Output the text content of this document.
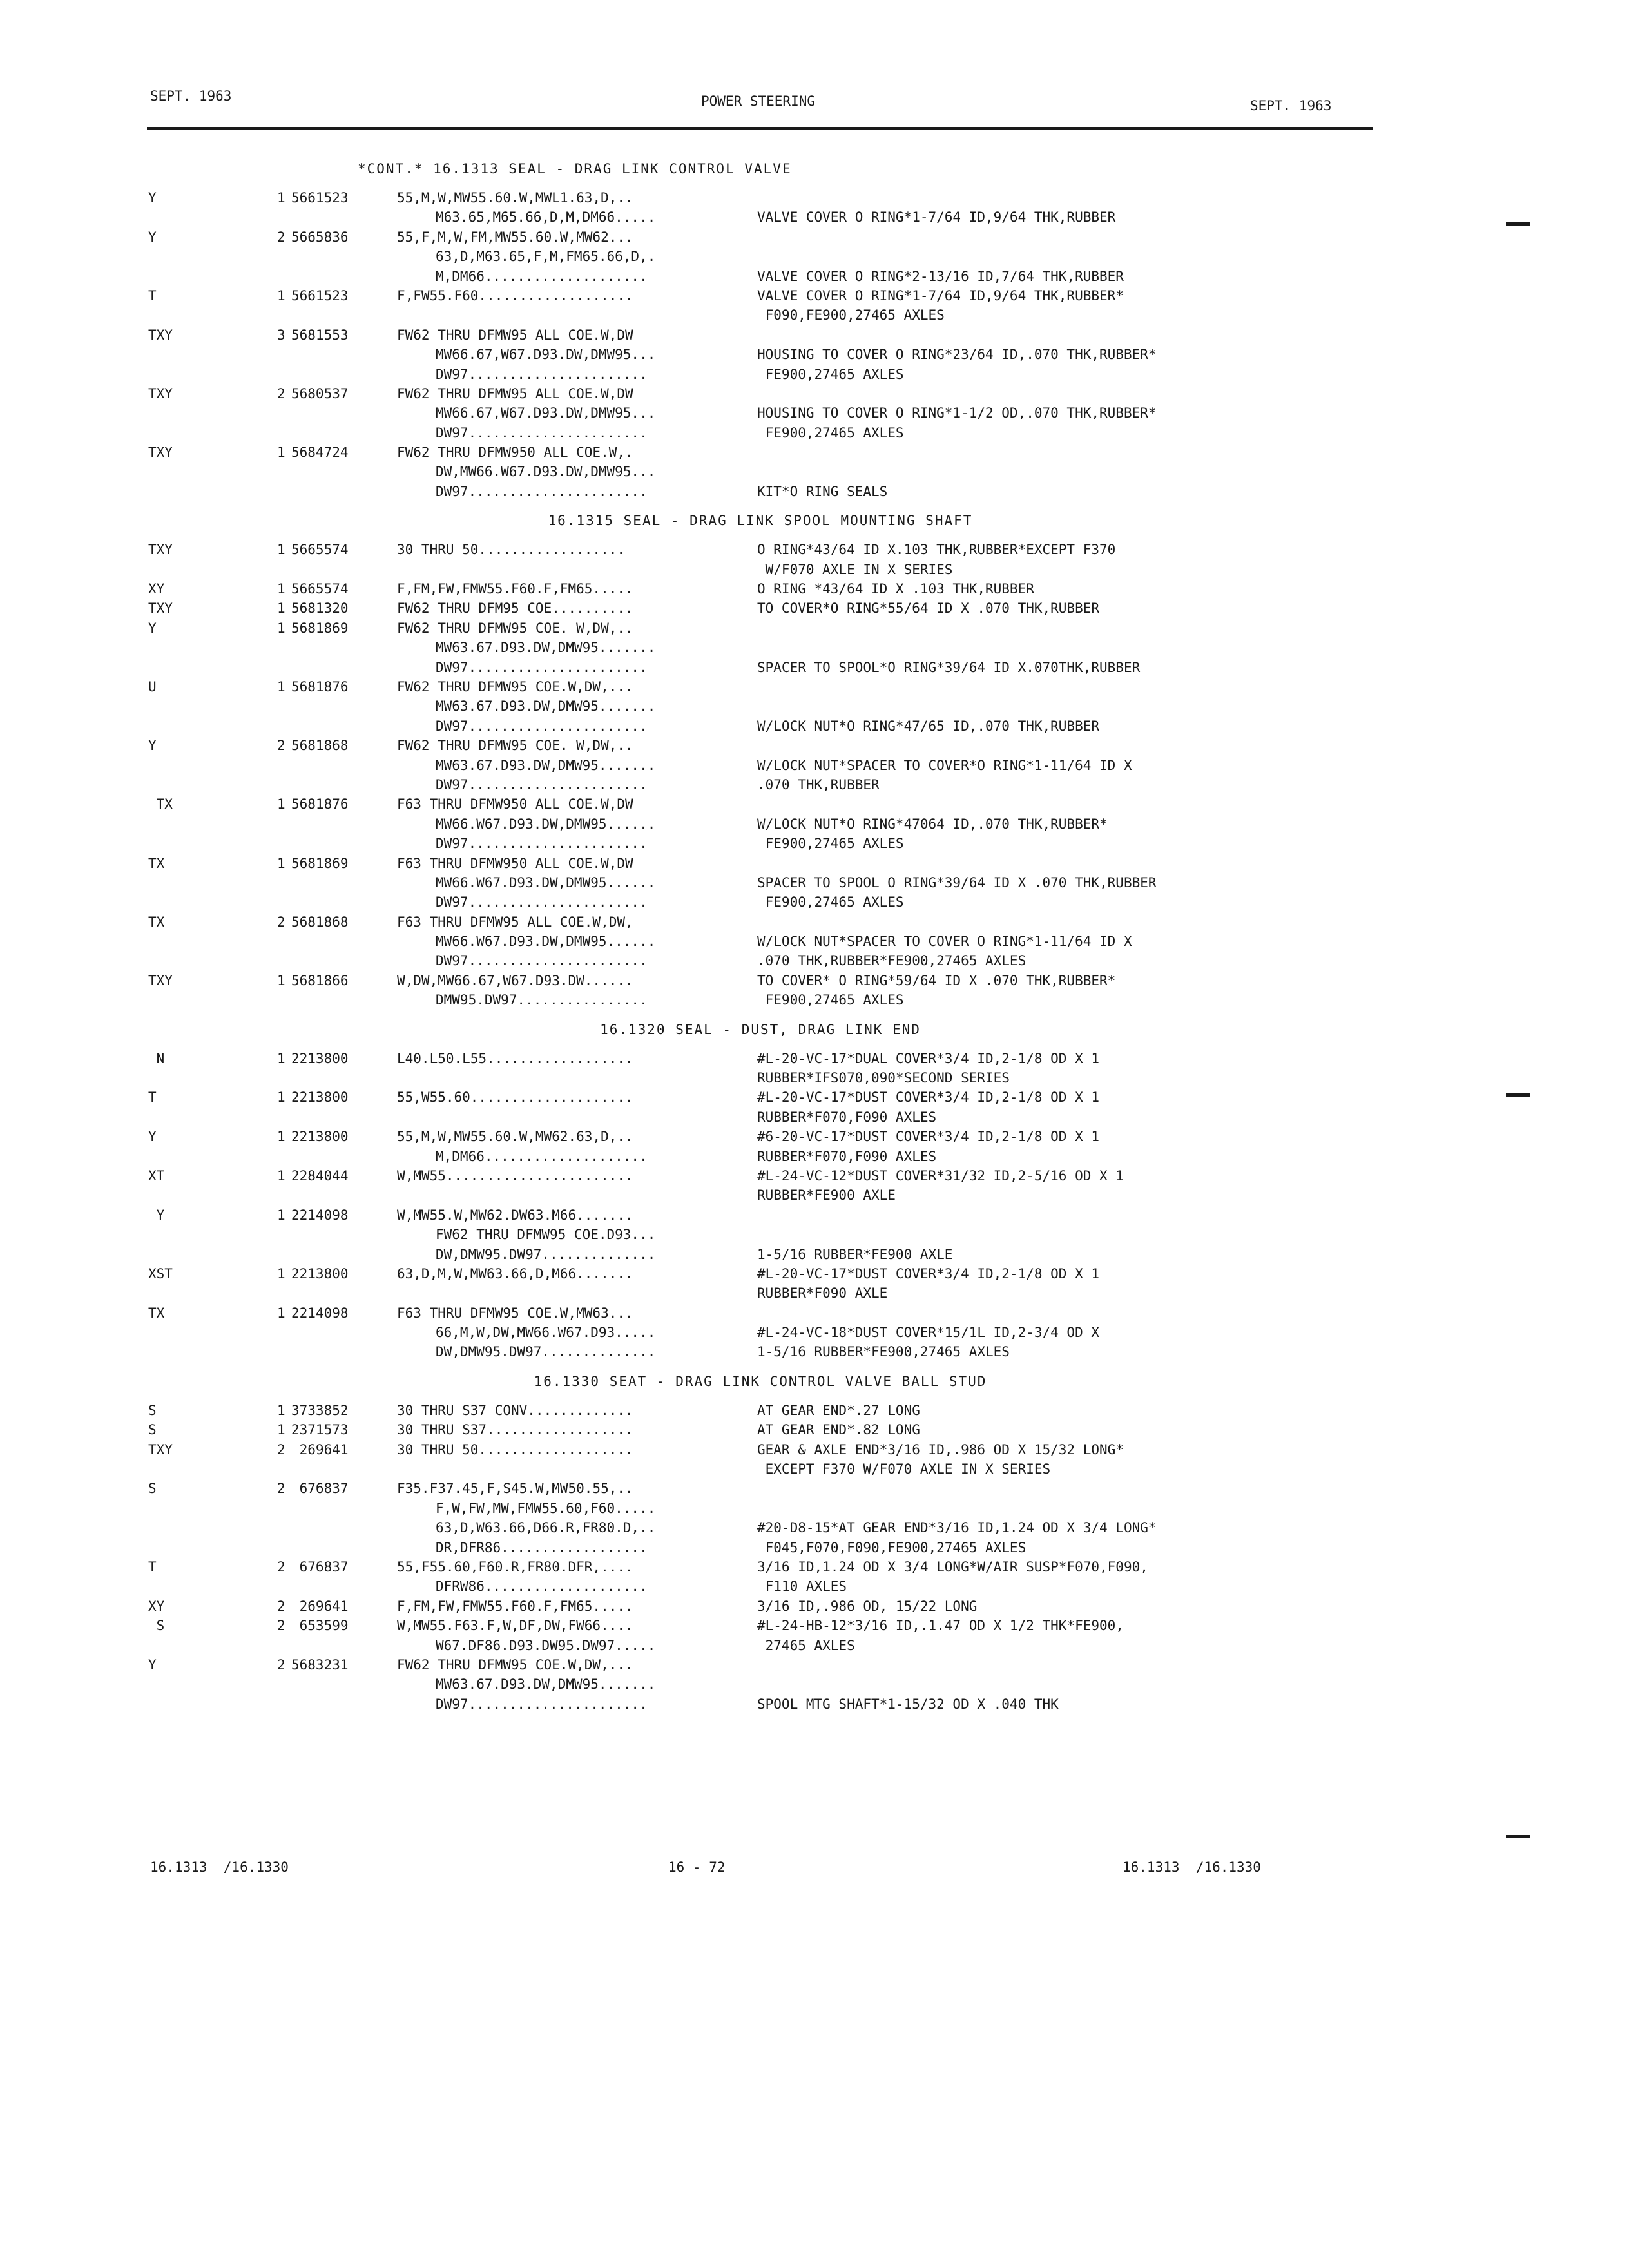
SEPT. 1963	POWER STEERING	SEPT. 1963
*CONT.* 16.1313 SEAL - DRAG LINK CONTROL VALVE
Y	1 5661523	55,M,W,MW55.60.W,MWL1.63,D,..
M63.65,M65.66,D,M,DM66.....	VALVE COVER O RING*1-7/64 ID,9/64 THK,RUBBER
Y	2 5665836	55,F,M,W,FM,MW55.60.W,MW62...
63,D,M63.65,F,M,FM65.66,D,.
M,DM66....................	VALVE COVER O RING*2-13/16 ID,7/64 THK,RUBBER
T	1 5661523	F,FW55.F60...................	VALVE COVER O RING*1-7/64 ID,9/64 THK,RUBBER*
F090,FE900,27465 AXLES
TXY	3 5681553	FW62 THRU DFMW95 ALL COE.W,DW
MW66.67,W67.D93.DW,DMW95...	HOUSING TO COVER O RING*23/64 ID,.070 THK,RUBBER*
DW97......................	FE900,27465 AXLES
TXY	2 5680537	FW62 THRU DFMW95 ALL COE.W,DW
MW66.67,W67.D93.DW,DMW95...	HOUSING TO COVER O RING*1-1/2 OD,.070 THK,RUBBER*
DW97......................	FE900,27465 AXLES
TXY	1 5684724	FW62 THRU DFMW950 ALL COE.W,.
DW,MW66.W67.D93.DW,DMW95...
DW97......................	KIT*O RING SEALS
16.1315 SEAL - DRAG LINK SPOOL MOUNTING SHAFT
TXY	1 5665574	30 THRU 50..................	O RING*43/64 ID X.103 THK,RUBBER*EXCEPT F370
W/F070 AXLE IN X SERIES
XY	1 5665574	F,FM,FW,FMW55.F60.F,FM65.....	O RING *43/64 ID X .103 THK,RUBBER
TXY	1 5681320	FW62 THRU DFM95 COE..........	TO COVER*O RING*55/64 ID X .070 THK,RUBBER
Y	1 5681869	FW62 THRU DFMW95 COE. W,DW,..
MW63.67.D93.DW,DMW95.......
DW97......................	SPACER TO SPOOL*O RING*39/64 ID X.070THK,RUBBER
U	1 5681876	FW62 THRU DFMW95 COE.W,DW,...
MW63.67.D93.DW,DMW95.......
DW97......................	W/LOCK NUT*O RING*47/65 ID,.070 THK,RUBBER
Y	2 5681868	FW62 THRU DFMW95 COE. W,DW,..
MW63.67.D93.DW,DMW95.......	W/LOCK NUT*SPACER TO COVER*O RING*1-11/64 ID X
DW97......................	.070 THK,RUBBER
TX	1 5681876	F63 THRU DFMW950 ALL COE.W,DW
MW66.W67.D93.DW,DMW95......	W/LOCK NUT*O RING*47064 ID,.070 THK,RUBBER*
DW97......................	FE900,27465 AXLES
TX	1 5681869	F63 THRU DFMW950 ALL COE.W,DW
MW66.W67.D93.DW,DMW95......	SPACER TO SPOOL O RING*39/64 ID X .070 THK,RUBBER
DW97......................	FE900,27465 AXLES
TX	2 5681868	F63 THRU DFMW95 ALL COE.W,DW,
MW66.W67.D93.DW,DMW95......	W/LOCK NUT*SPACER TO COVER O RING*1-11/64 ID X
DW97......................	.070 THK,RUBBER*FE900,27465 AXLES
TXY	1 5681866	W,DW,MW66.67,W67.D93.DW......	TO COVER* O RING*59/64 ID X .070 THK,RUBBER*
DMW95.DW97................	FE900,27465 AXLES
16.1320 SEAL - DUST, DRAG LINK END
N	1 2213800	L40.L50.L55..................	#L-20-VC-17*DUAL COVER*3/4 ID,2-1/8 OD X 1
RUBBER*IFS070,090*SECOND SERIES
T	1 2213800	55,W55.60....................	#L-20-VC-17*DUST COVER*3/4 ID,2-1/8 OD X 1
RUBBER*F070,F090 AXLES
Y	1 2213800	55,M,W,MW55.60.W,MW62.63,D,..	#6-20-VC-17*DUST COVER*3/4 ID,2-1/8 OD X 1
M,DM66....................	RUBBER*F070,F090 AXLES
XT	1 2284044	W,MW55.......................	#L-24-VC-12*DUST COVER*31/32 ID,2-5/16 OD X 1
RUBBER*FE900 AXLE
Y	1 2214098	W,MW55.W,MW62.DW63.M66.......
FW62 THRU DFMW95 COE.D93...
DW,DMW95.DW97..............	1-5/16 RUBBER*FE900 AXLE
XST	1 2213800	63,D,M,W,MW63.66,D,M66.......	#L-20-VC-17*DUST COVER*3/4 ID,2-1/8 OD X 1
RUBBER*F090 AXLE
TX	1 2214098	F63 THRU DFMW95 COE.W,MW63...
66,M,W,DW,MW66.W67.D93.....	#L-24-VC-18*DUST COVER*15/1L ID,2-3/4 OD X
DW,DMW95.DW97..............	1-5/16 RUBBER*FE900,27465 AXLES
16.1330 SEAT - DRAG LINK CONTROL VALVE BALL STUD
S	1 3733852	30 THRU S37 CONV.............	AT GEAR END*.27 LONG
S	1 2371573	30 THRU S37..................	AT GEAR END*.82 LONG
TXY	2 269641	30 THRU 50...................	GEAR & AXLE END*3/16 ID,.986 OD X 15/32 LONG*
EXCEPT F370 W/F070 AXLE IN X SERIES
S	2 676837	F35.F37.45,F,S45.W,MW50.55,..
F,W,FW,MW,FMW55.60,F60.....
63,D,W63.66,D66.R,FR80.D,..	#20-D8-15*AT GEAR END*3/16 ID,1.24 OD X 3/4 LONG*
DR,DFR86..................	F045,F070,F090,FE900,27465 AXLES
T	2 676837	55,F55.60,F60.R,FR80.DFR,....	3/16 ID,1.24 OD X 3/4 LONG*W/AIR SUSP*F070,F090,
DFRW86....................	F110 AXLES
XY	2 269641	F,FM,FW,FMW55.F60.F,FM65.....	3/16 ID,.986 OD, 15/22 LONG
S	2 653599	W,MW55.F63.F,W,DF,DW,FW66....	#L-24-HB-12*3/16 ID,.1.47 OD X 1/2 THK*FE900,
W67.DF86.D93.DW95.DW97.....	27465 AXLES
Y	2 5683231	FW62 THRU DFMW95 COE.W,DW,...
MW63.67.D93.DW,DMW95.......
DW97......................	SPOOL MTG SHAFT*1-15/32 OD X .040 THK
16.1313  /16.1330	16 - 72	16.1313  /16.1330
